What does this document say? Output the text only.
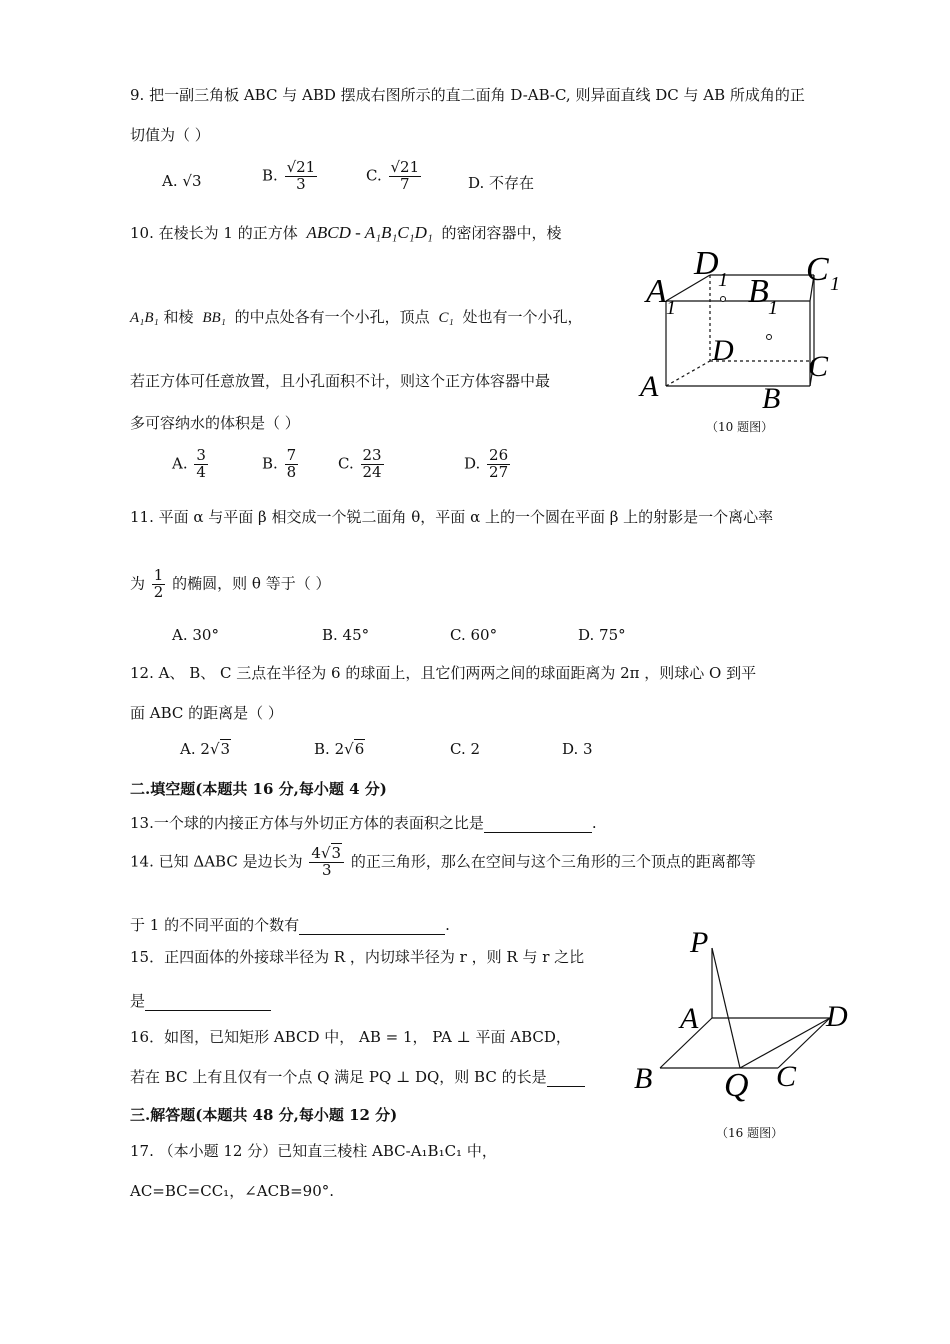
9. 把一副三角板 ABC 与 ABD 摆成右图所示的直二面角 D-AB-C, 则异面直线 DC 与 AB 所成角的正
切值为（ ）
A. √3	B. $\frac{√21}{3}$	C. $\frac{√21}{7}$	D. 不存在
10. 在棱长为 1 的正方体 ABCD - A₁B₁C₁D₁ 的密闭容器中，棱
A₁B₁ 和棱 BB₁ 的中点处各有一个小孔，顶点 C₁ 处也有一个小孔，
若正方体可任意放置，且小孔面积不计，则这个正方体容器中最
多可容纳水的体积是（ ）
A. $\frac{3}{4}$	B. $\frac{7}{8}$	C. $\frac{23}{24}$	D. $\frac{26}{27}$
A 1
D 1 B 1
C 1
D C
A	B
（10 题图）
11. 平面 α 与平面 β 相交成一个锐二面角 θ，平面 α 上的一个圆在平面 β 上的射影是一个离心率
为 $\frac{1}{2}$ 的椭圆，则 θ 等于（ ）
A. 30°	B. 45°	C. 60°	D. 75°
12. A、 B、 C 三点在半径为 6 的球面上，且它们两两之间的球面距离为 2π ，则球心 O 到平
面 ABC 的距离是（ ）
A. 2√3	B. 2√6	C. 2	D. 3
二.填空题(本题共 16 分,每小题 4 分)
13.一个球的内接正方体与外切正方体的表面积之比是	.
14. 已知 ΔABC 是边长为 $\frac{4√3}{3}$ 的正三角形，那么在空间与这个三角形的三个顶点的距离都等
于 1 的不同平面的个数有	.
15．正四面体的外接球半径为 R ，内切球半径为 r ，则 R 与 r 之比
是
16．如图，已知矩形 ABCD 中， AB = 1， PA ⊥ 平面 ABCD，
若在 BC 上有且仅有一个点 Q 满足 PQ ⊥ DQ，则 BC 的长是
三.解答题(本题共 48 分,每小题 12 分)
17. （本小题 12 分）已知直三棱柱 ABC-A₁B₁C₁ 中，
AC=BC=CC₁，∠ACB=90°.
P
A	D
B Q C
（16 题图）
